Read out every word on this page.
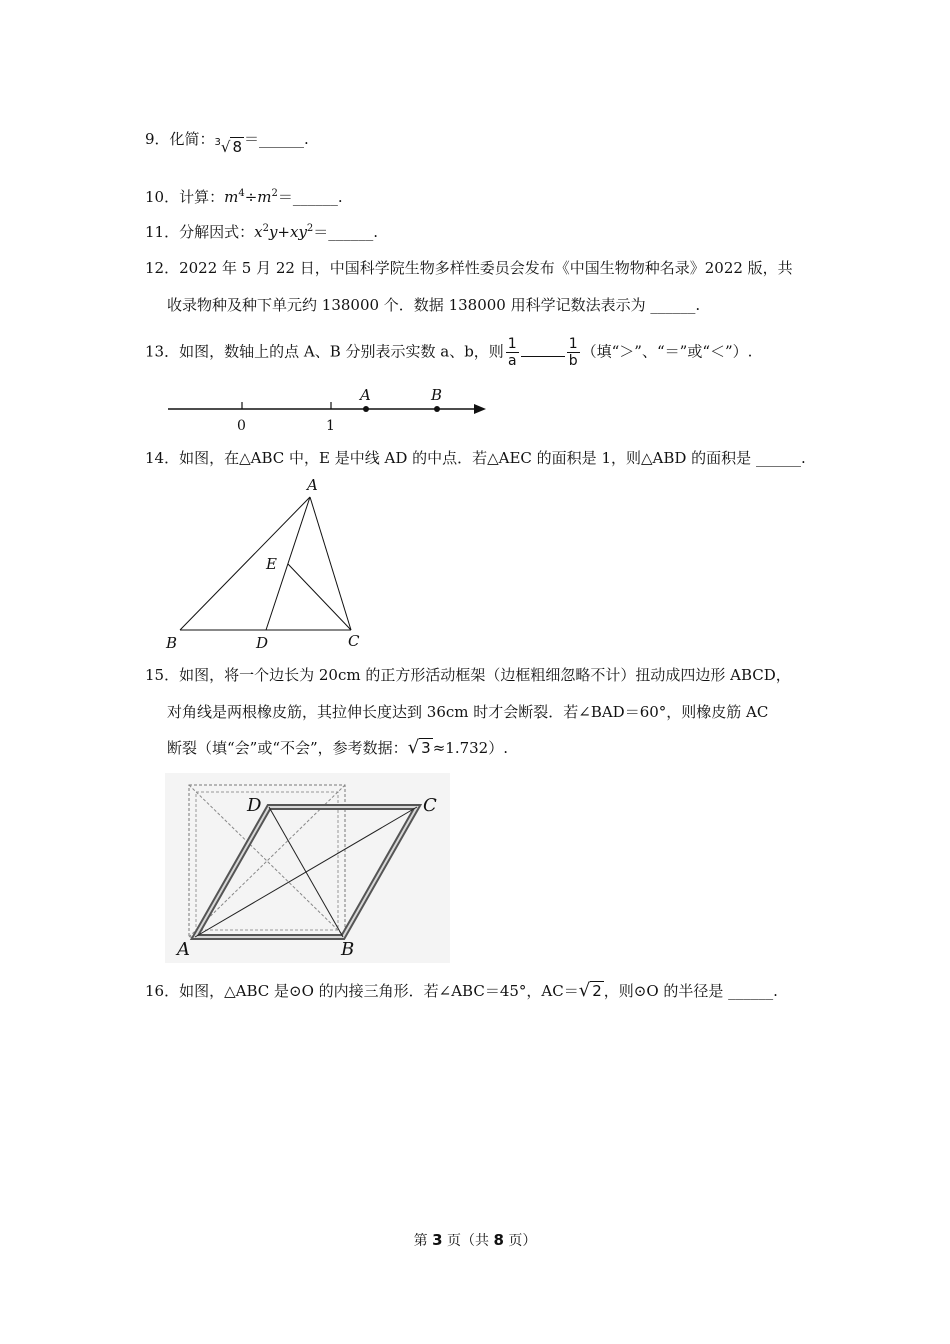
9．化简：$^3$√ 8 ＝______.
10．计算：$m^4\div m^2=\_\_\_\_\_\_$.
11．分解因式：$x^2y+xy^2=\_\_\_\_\_\_$.
12．2022 年 5 月 22 日，中国科学院生物多样性委员会发布《中国生物物种名录》2022 版，共
收录物种及种下单元约 138000 个．数据 138000 用科学记数法表示为 ______.
13．如图，数轴上的点 A、B 分别表示实数 a、b，则 $\frac{1}{a}$	$\frac{1}{b}$ （填“＞”、“＝”或“＜”）.
0	1
A	B
14．如图，在△ABC 中，E 是中线 AD 的中点．若△AEC 的面积是 1，则△ABD 的面积是 ______.
A
B	C
D
E
15．如图，将一个边长为 20cm 的正方形活动框架（边框粗细忽略不计）扭动成四边形 ABCD，
对角线是两根橡皮筋，其拉伸长度达到 36cm 时才会断裂．若∠BAD＝60°，则橡皮筋 AC
断裂（填“会”或“不会”，参考数据：√ 3 ≈1.732）.
A	B
C
D
16．如图，△ABC 是⊙O 的内接三角形．若∠ABC＝45°，AC＝√ 2 ，则⊙O 的半径是 ______.
第 3 页（共 8 页）
